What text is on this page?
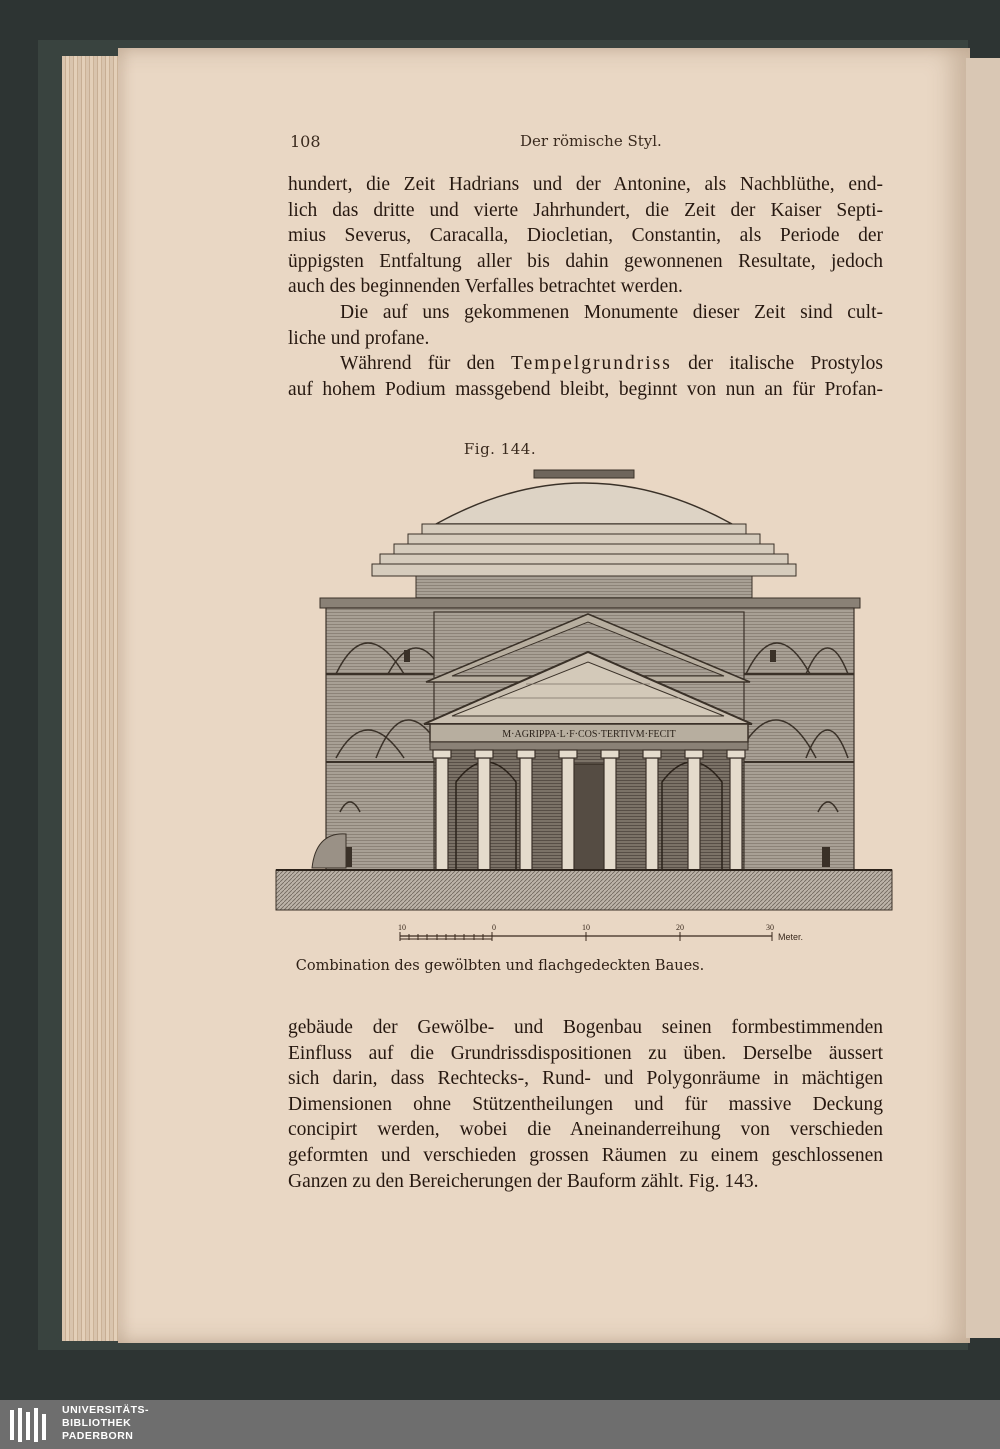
108	Der römische Styl.
hundert, die Zeit Hadrians und der Antonine, als Nachblüthe, end-
lich das dritte und vierte Jahrhundert, die Zeit der Kaiser Septi-
mius Severus, Caracalla, Diocletian, Constantin, als Periode der
üppigsten Entfaltung aller bis dahin gewonnenen Resultate, jedoch
auch des beginnenden Verfalles betrachtet werden.
Die auf uns gekommenen Monumente dieser Zeit sind cult-
liche und profane.
Während für den Tempelgrundriss der italische Prostylos
auf hohem Podium massgebend bleibt, beginnt von nun an für Profan-
Fig. 144.
M·AGRIPPA·L·F·COS·TERTIVM·FECIT
10	0	10	20	30
Meter.
Combination des gewölbten und flachgedeckten Baues.
gebäude der Gewölbe- und Bogenbau seinen formbestimmenden
Einfluss auf die Grundrissdispositionen zu üben. Derselbe äussert
sich darin, dass Rechtecks-, Rund- und Polygonräume in mächtigen
Dimensionen ohne Stützentheilungen und für massive Deckung
concipirt werden, wobei die Aneinanderreihung von verschieden
geformten und verschieden grossen Räumen zu einem geschlossenen
Ganzen zu den Bereicherungen der Bauform zählt. Fig. 143.
UNIVERSITÄTS-
BIBLIOTHEK
PADERBORN
